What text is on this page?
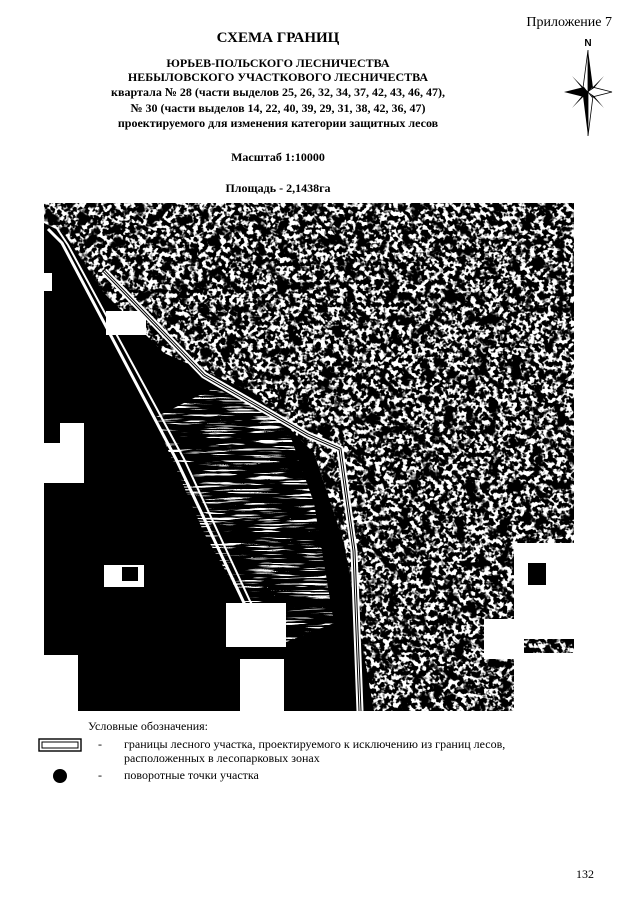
Приложение 7
СХЕМА ГРАНИЦ
ЮРЬЕВ-ПОЛЬСКОГО ЛЕСНИЧЕСТВА
НЕБЫЛОВСКОГО УЧАСТКОВОГО ЛЕСНИЧЕСТВА
квартала № 28 (части выделов 25, 26, 32, 34, 37, 42, 43, 46, 47),
№ 30 (части выделов 14, 22, 40, 39, 29, 31, 38, 42, 36, 47)
проектируемого для изменения категории защитных лесов
Масштаб 1:10000
Площадь - 2,1438га
N
Условные обозначения:
- границы лесного участка, проектируемого к исключению из границ лесов,
расположенных в лесопарковых зонах
- поворотные точки участка
132
